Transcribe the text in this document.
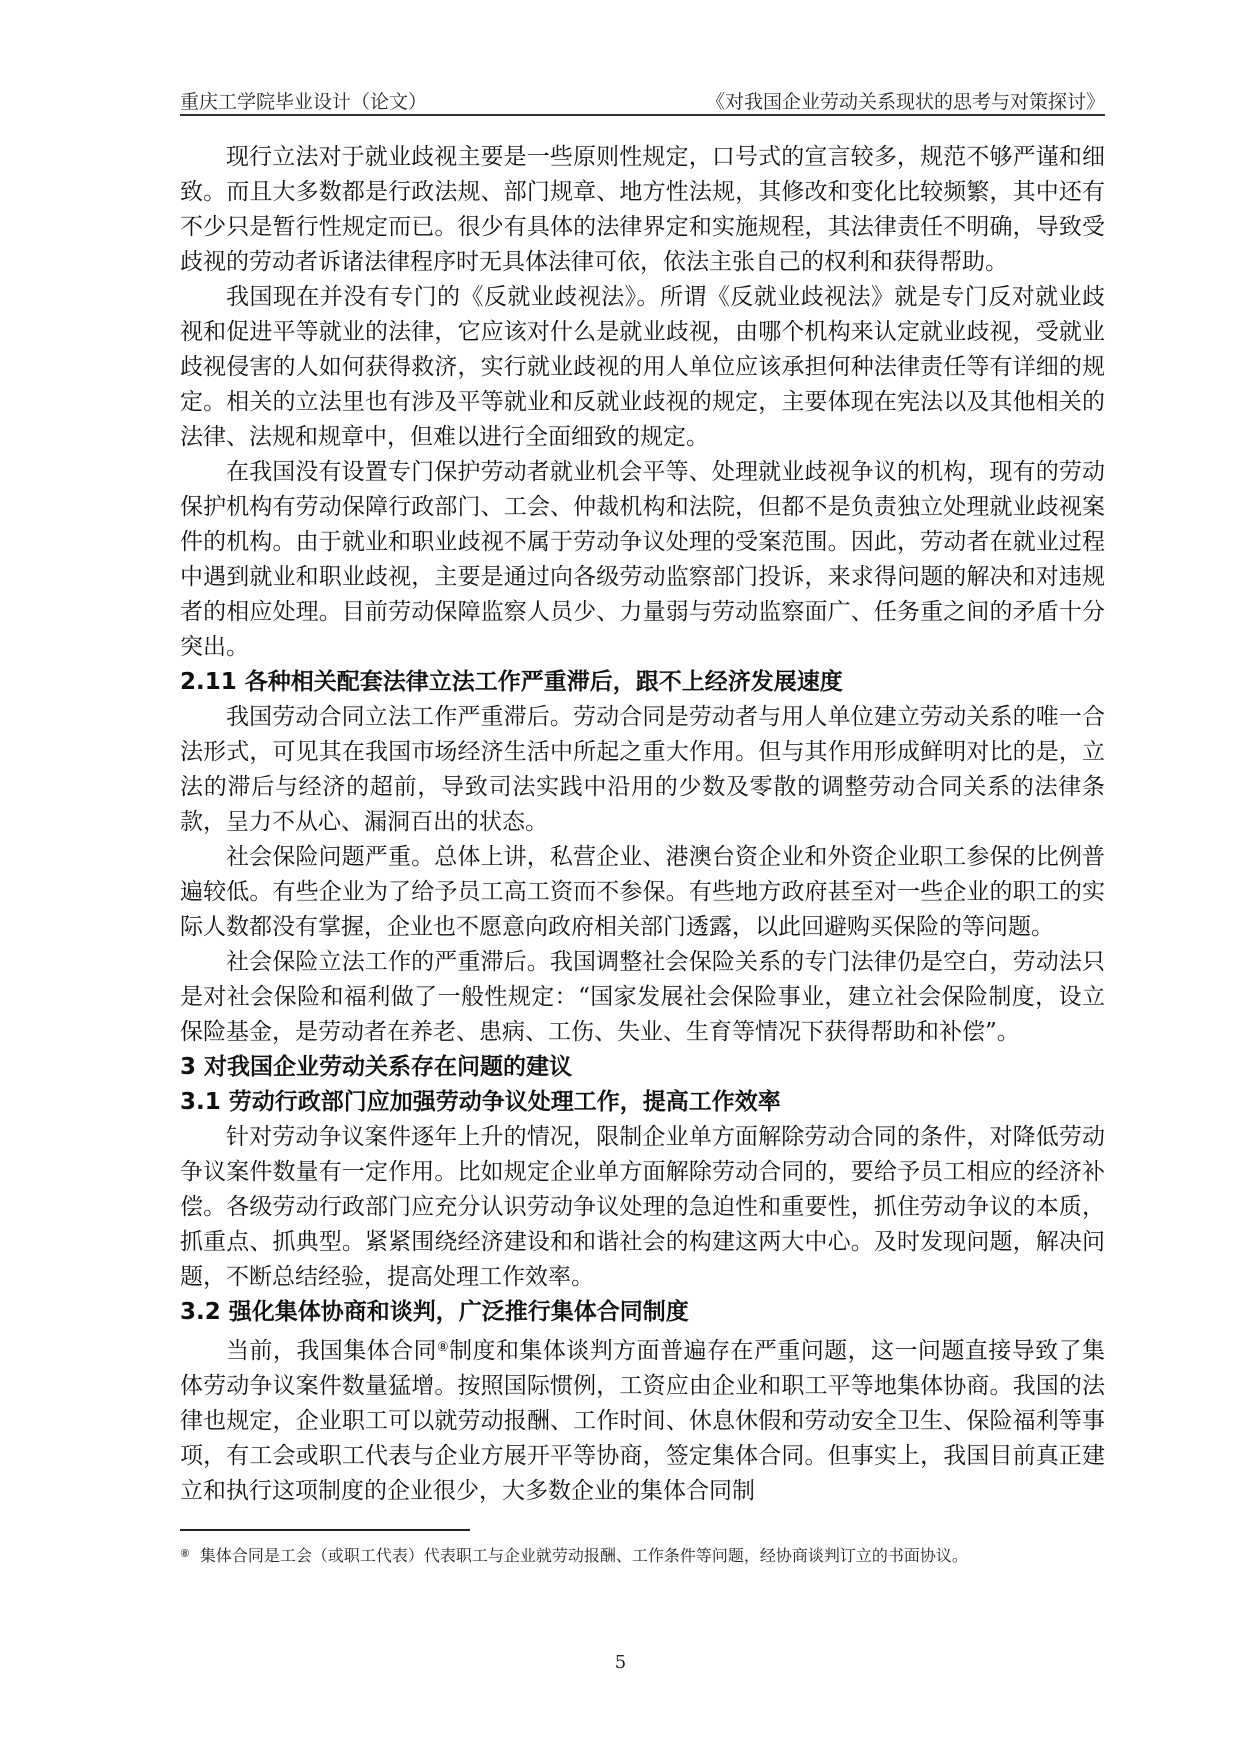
重庆工学院毕业设计（论文）	《对我国企业劳动关系现状的思考与对策探讨》

现行立法对于就业歧视主要是一些原则性规定，口号式的宣言较多，规范不够严谨和细致。而且大多数都是行政法规、部门规章、地方性法规，其修改和变化比较频繁，其中还有不少只是暂行性规定而已。很少有具体的法律界定和实施规程，其法律责任不明确，导致受歧视的劳动者诉诸法律程序时无具体法律可依，依法主张自己的权利和获得帮助。

我国现在并没有专门的《反就业歧视法》。所谓《反就业歧视法》就是专门反对就业歧视和促进平等就业的法律，它应该对什么是就业歧视，由哪个机构来认定就业歧视，受就业歧视侵害的人如何获得救济，实行就业歧视的用人单位应该承担何种法律责任等有详细的规定。相关的立法里也有涉及平等就业和反就业歧视的规定，主要体现在宪法以及其他相关的法律、法规和规章中，但难以进行全面细致的规定。

在我国没有设置专门保护劳动者就业机会平等、处理就业歧视争议的机构，现有的劳动保护机构有劳动保障行政部门、工会、仲裁机构和法院，但都不是负责独立处理就业歧视案件的机构。由于就业和职业歧视不属于劳动争议处理的受案范围。因此，劳动者在就业过程中遇到就业和职业歧视，主要是通过向各级劳动监察部门投诉，来求得问题的解决和对违规者的相应处理。目前劳动保障监察人员少、力量弱与劳动监察面广、任务重之间的矛盾十分突出。

2.11 各种相关配套法律立法工作严重滞后，跟不上经济发展速度

我国劳动合同立法工作严重滞后。劳动合同是劳动者与用人单位建立劳动关系的唯一合法形式，可见其在我国市场经济生活中所起之重大作用。但与其作用形成鲜明对比的是，立法的滞后与经济的超前，导致司法实践中沿用的少数及零散的调整劳动合同关系的法律条款，呈力不从心、漏洞百出的状态。

社会保险问题严重。总体上讲，私营企业、港澳台资企业和外资企业职工参保的比例普遍较低。有些企业为了给予员工高工资而不参保。有些地方政府甚至对一些企业的职工的实际人数都没有掌握，企业也不愿意向政府相关部门透露，以此回避购买保险的等问题。

社会保险立法工作的严重滞后。我国调整社会保险关系的专门法律仍是空白，劳动法只是对社会保险和福利做了一般性规定：“国家发展社会保险事业，建立社会保险制度，设立保险基金，是劳动者在养老、患病、工伤、失业、生育等情况下获得帮助和补偿”。

3 对我国企业劳动关系存在问题的建议

3.1 劳动行政部门应加强劳动争议处理工作，提高工作效率

针对劳动争议案件逐年上升的情况，限制企业单方面解除劳动合同的条件，对降低劳动争议案件数量有一定作用。比如规定企业单方面解除劳动合同的，要给予员工相应的经济补偿。各级劳动行政部门应充分认识劳动争议处理的急迫性和重要性，抓住劳动争议的本质，抓重点、抓典型。紧紧围绕经济建设和和谐社会的构建这两大中心。及时发现问题，解决问题，不断总结经验，提高处理工作效率。

3.2 强化集体协商和谈判，广泛推行集体合同制度

当前，我国集体合同⑧制度和集体谈判方面普遍存在严重问题，这一问题直接导致了集体劳动争议案件数量猛增。按照国际惯例，工资应由企业和职工平等地集体协商。我国的法律也规定，企业职工可以就劳动报酬、工作时间、休息休假和劳动安全卫生、保险福利等事项，有工会或职工代表与企业方展开平等协商，签定集体合同。但事实上，我国目前真正建立和执行这项制度的企业很少，大多数企业的集体合同制

⑧ 集体合同是工会（或职工代表）代表职工与企业就劳动报酬、工作条件等问题，经协商谈判订立的书面协议。
5
